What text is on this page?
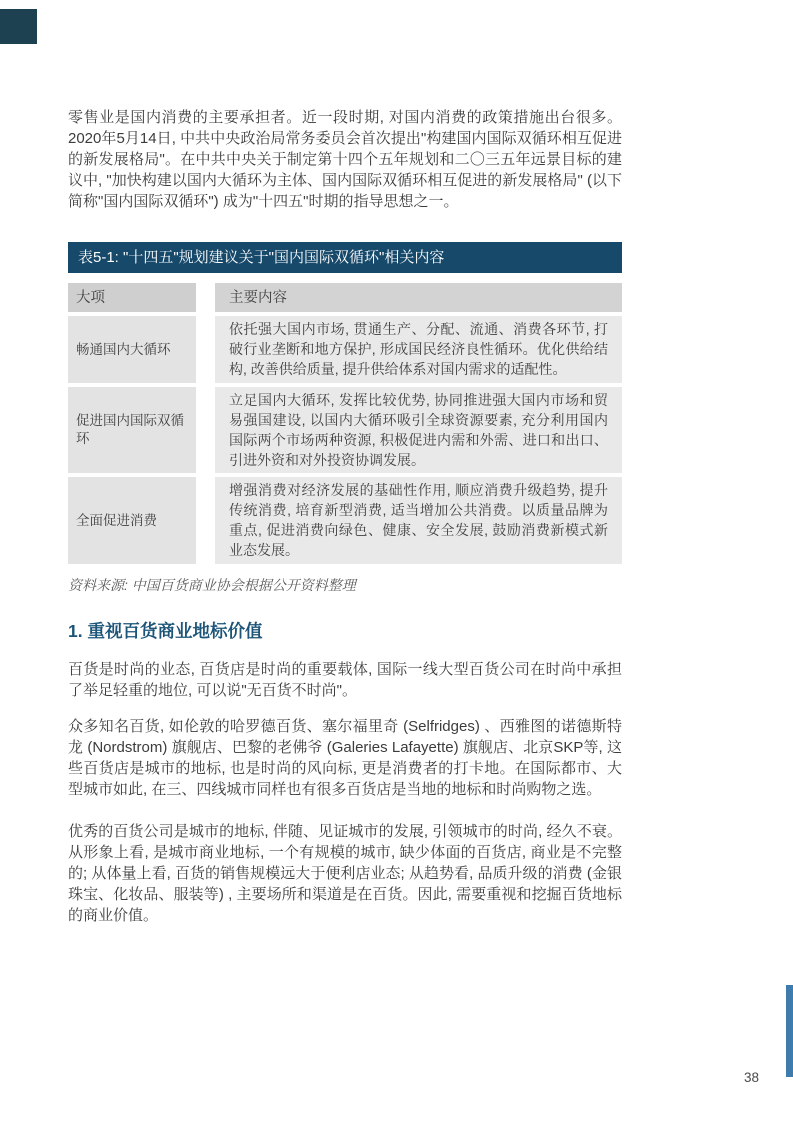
零售业是国内消费的主要承担者。近一段时期, 对国内消费的政策措施出台很多。2020年5月14日, 中共中央政治局常务委员会首次提出"构建国内国际双循环相互促进的新发展格局"。在中共中央关于制定第十四个五年规划和二〇三五年远景目标的建议中, "加快构建以国内大循环为主体、国内国际双循环相互促进的新发展格局" (以下简称"国内国际双循环") 成为"十四五"时期的指导思想之一。

表5-1: "十四五"规划建议关于"国内国际双循环"相关内容
大项	主要内容
畅通国内大循环
依托强大国内市场, 贯通生产、分配、流通、消费各环节, 打破行业垄断和地方保护, 形成国民经济良性循环。优化供给结构, 改善供给质量, 提升供给体系对国内需求的适配性。
促进国内国际双循环
立足国内大循环, 发挥比较优势, 协同推进强大国内市场和贸易强国建设, 以国内大循环吸引全球资源要素, 充分利用国内国际两个市场两种资源, 积极促进内需和外需、进口和出口、引进外资和对外投资协调发展。
全面促进消费
增强消费对经济发展的基础性作用, 顺应消费升级趋势, 提升传统消费, 培育新型消费, 适当增加公共消费。以质量品牌为重点, 促进消费向绿色、健康、安全发展, 鼓励消费新模式新业态发展。

资料来源: 中国百货商业协会根据公开资料整理

1. 重视百货商业地标价值

百货是时尚的业态, 百货店是时尚的重要载体, 国际一线大型百货公司在时尚中承担了举足轻重的地位, 可以说"无百货不时尚"。

众多知名百货, 如伦敦的哈罗德百货、塞尔福里奇 (Selfridges) 、西雅图的诺德斯特龙 (Nordstrom) 旗舰店、巴黎的老佛爷 (Galeries Lafayette) 旗舰店、北京SKP等, 这些百货店是城市的地标, 也是时尚的风向标, 更是消费者的打卡地。在国际都市、大型城市如此, 在三、四线城市同样也有很多百货店是当地的地标和时尚购物之选。

优秀的百货公司是城市的地标, 伴随、见证城市的发展, 引领城市的时尚, 经久不衰。从形象上看, 是城市商业地标, 一个有规模的城市, 缺少体面的百货店, 商业是不完整的; 从体量上看, 百货的销售规模远大于便利店业态; 从趋势看, 品质升级的消费 (金银珠宝、化妆品、服装等) , 主要场所和渠道是在百货。因此, 需要重视和挖掘百货地标的商业价值。

38
